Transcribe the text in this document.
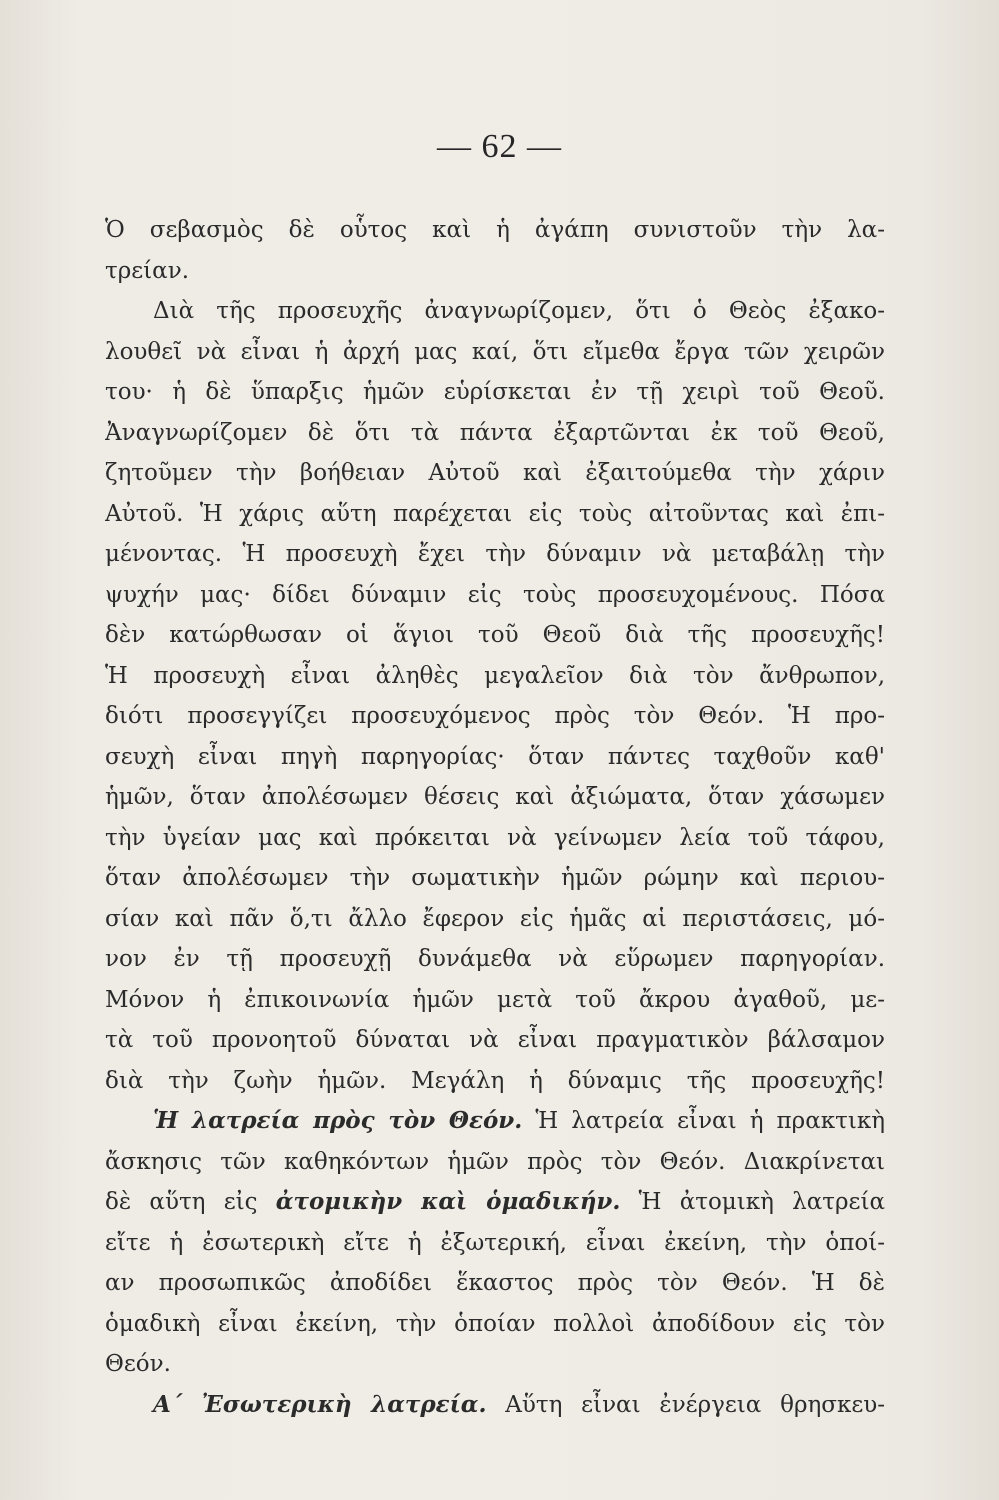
— 62 —
Ὁ σεβασμὸς δὲ οὗτος καὶ ἡ ἀγάπη συνιστοῦν τὴν λα-
τρείαν.
Διὰ τῆς προσευχῆς ἀναγνωρίζομεν, ὅτι ὁ Θεὸς ἐξακο-
λουθεῖ νὰ εἶναι ἡ ἀρχή μας καί, ὅτι εἴμεθα ἔργα τῶν χειρῶν
του· ἡ δὲ ὕπαρξις ἡμῶν εὑρίσκεται ἐν τῇ χειρὶ τοῦ Θεοῦ.
Ἀναγνωρίζομεν δὲ ὅτι τὰ πάντα ἐξαρτῶνται ἐκ τοῦ Θεοῦ,
ζητοῦμεν τὴν βοήθειαν Αὐτοῦ καὶ ἐξαιτούμεθα τὴν χάριν
Αὐτοῦ. Ἡ χάρις αὕτη παρέχεται εἰς τοὺς αἰτοῦντας καὶ ἐπι-
μένοντας. Ἡ προσευχὴ ἔχει τὴν δύναμιν νὰ μεταβάλῃ τὴν
ψυχήν μας· δίδει δύναμιν εἰς τοὺς προσευχομένους. Πόσα
δὲν κατώρθωσαν οἱ ἅγιοι τοῦ Θεοῦ διὰ τῆς προσευχῆς!
Ἡ προσευχὴ εἶναι ἀληθὲς μεγαλεῖον διὰ τὸν ἄνθρωπον,
διότι προσεγγίζει προσευχόμενος πρὸς τὸν Θεόν. Ἡ προ-
σευχὴ εἶναι πηγὴ παρηγορίας· ὅταν πάντες ταχθοῦν καθ'
ἡμῶν, ὅταν ἀπολέσωμεν θέσεις καὶ ἀξιώματα, ὅταν χάσωμεν
τὴν ὑγείαν μας καὶ πρόκειται νὰ γείνωμεν λεία τοῦ τάφου,
ὅταν ἀπολέσωμεν τὴν σωματικὴν ἡμῶν ρώμην καὶ περιου-
σίαν καὶ πᾶν ὅ,τι ἄλλο ἔφερον εἰς ἡμᾶς αἱ περιστάσεις, μό-
νον ἐν τῇ προσευχῇ δυνάμεθα νὰ εὕρωμεν παρηγορίαν.
Μόνον ἡ ἐπικοινωνία ἡμῶν μετὰ τοῦ ἄκρου ἀγαθοῦ, με-
τὰ τοῦ προνοητοῦ δύναται νὰ εἶναι πραγματικὸν βάλσαμον
διὰ τὴν ζωὴν ἡμῶν. Μεγάλη ἡ δύναμις τῆς προσευχῆς!
Ἡ λατρεία πρὸς τὸν Θεόν. Ἡ λατρεία εἶναι ἡ πρακτικὴ
ἄσκησις τῶν καθηκόντων ἡμῶν πρὸς τὸν Θεόν. Διακρίνεται
δὲ αὕτη εἰς ἀτομικὴν καὶ ὁμαδικήν. Ἡ ἀτομικὴ λατρεία
εἴτε ἡ ἐσωτερικὴ εἴτε ἡ ἐξωτερική, εἶναι ἐκείνη, τὴν ὁποί-
αν προσωπικῶς ἀποδίδει ἕκαστος πρὸς τὸν Θεόν. Ἡ δὲ
ὁμαδικὴ εἶναι ἐκείνη, τὴν ὁποίαν πολλοὶ ἀποδίδουν εἰς τὸν
Θεόν.
Α΄ Ἐσωτερικὴ λατρεία. Αὕτη εἶναι ἐνέργεια θρησκευ-
